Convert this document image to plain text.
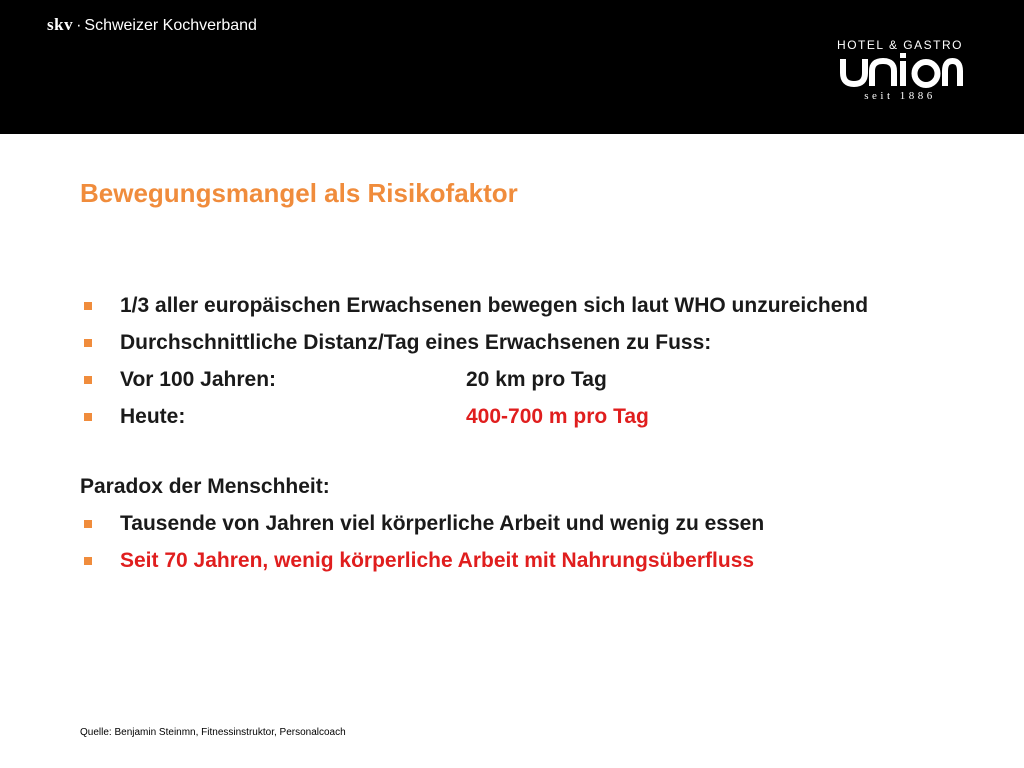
skv · Schweizer Kochverband
HOTEL & GASTRO
seit 1886
Bewegungsmangel als Risikofaktor
1/3 aller europäischen Erwachsenen bewegen sich laut WHO unzureichend
Durchschnittliche Distanz/Tag eines Erwachsenen zu Fuss:
Vor 100 Jahren:	20 km pro Tag
Heute:	400-700 m pro Tag
Paradox der Menschheit:
Tausende von Jahren viel körperliche Arbeit und wenig zu essen
Seit 70 Jahren, wenig körperliche Arbeit mit Nahrungsüberfluss
Quelle: Benjamin Steinmn, Fitnessinstruktor, Personalcoach
